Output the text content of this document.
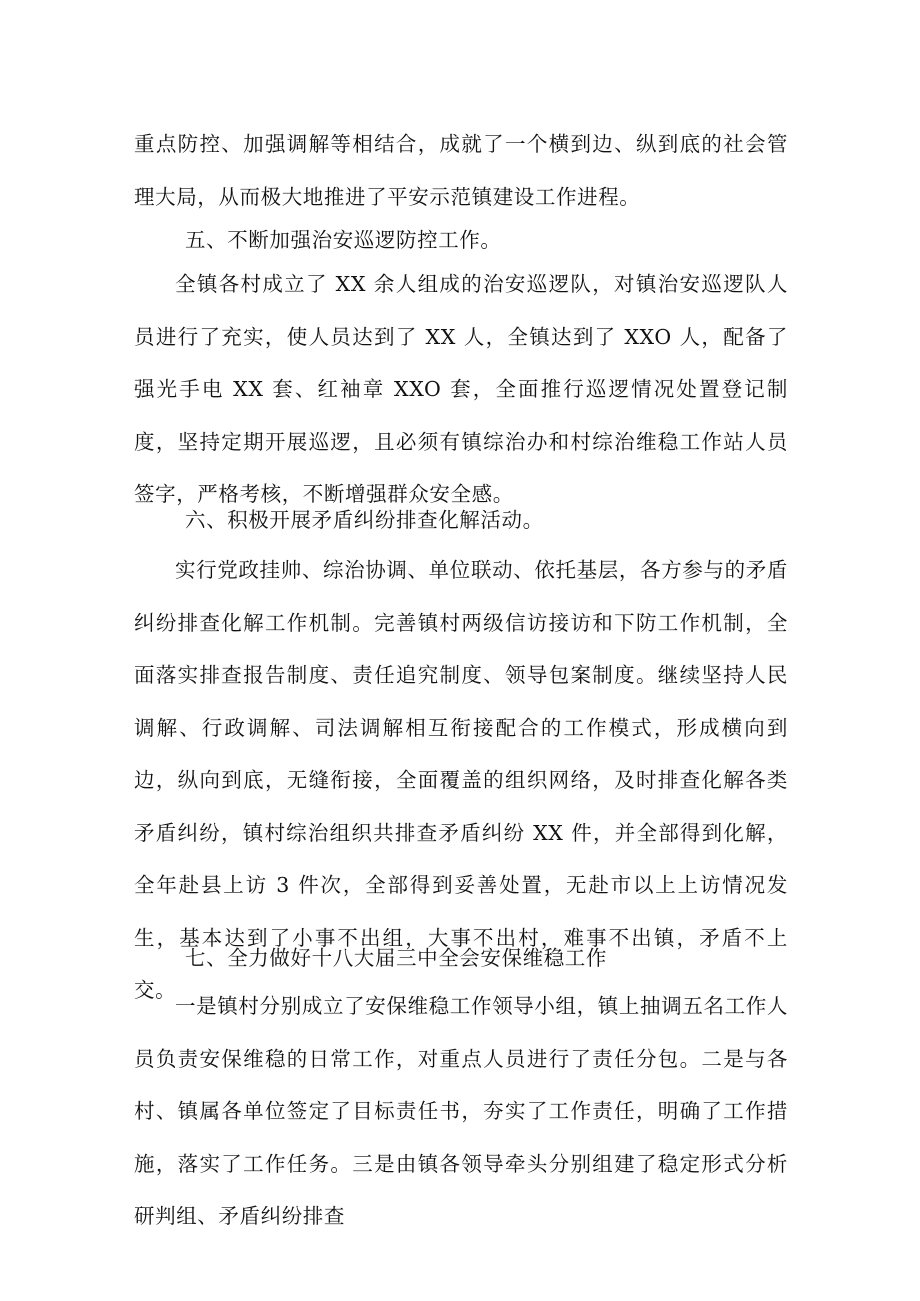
重点防控、加强调解等相结合，成就了一个横到边、纵到底的社会管理大局，从而极大地推进了平安示范镇建设工作进程。

五、不断加强治安巡逻防控工作。

全镇各村成立了 XX 余人组成的治安巡逻队，对镇治安巡逻队人员进行了充实，使人员达到了 XX 人，全镇达到了 XXO 人，配备了强光手电 XX 套、红袖章 XXO 套，全面推行巡逻情况处置登记制度，坚持定期开展巡逻，且必须有镇综治办和村综治维稳工作站人员签字，严格考核，不断增强群众安全感。

六、积极开展矛盾纠纷排查化解活动。

实行党政挂帅、综治协调、单位联动、依托基层，各方参与的矛盾纠纷排查化解工作机制。完善镇村两级信访接访和下防工作机制，全面落实排查报告制度、责任追究制度、领导包案制度。继续坚持人民调解、行政调解、司法调解相互衔接配合的工作模式，形成横向到边，纵向到底，无缝衔接，全面覆盖的组织网络，及时排查化解各类矛盾纠纷，镇村综治组织共排查矛盾纠纷 XX 件，并全部得到化解，全年赴县上访 3 件次，全部得到妥善处置，无赴市以上上访情况发生，基本达到了小事不出组，大事不出村，难事不出镇，矛盾不上交。

七、全力做好十八大届三中全会安保维稳工作

一是镇村分别成立了安保维稳工作领导小组，镇上抽调五名工作人员负责安保维稳的日常工作，对重点人员进行了责任分包。二是与各村、镇属各单位签定了目标责任书，夯实了工作责任，明确了工作措施，落实了工作任务。三是由镇各领导牵头分别组建了稳定形式分析研判组、矛盾纠纷排查
